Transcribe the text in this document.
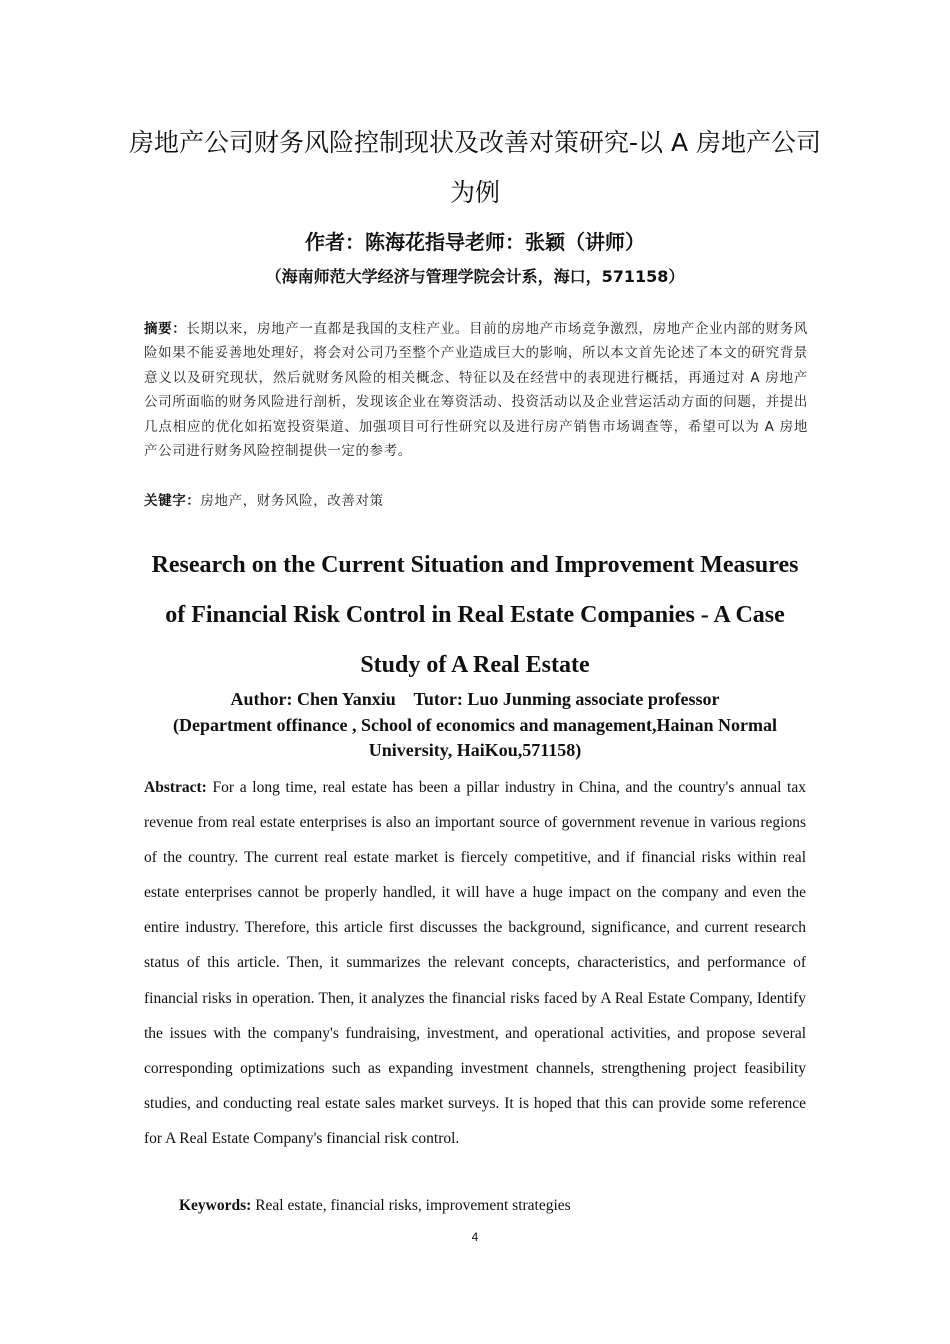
房地产公司财务风险控制现状及改善对策研究-以 A 房地产公司为例

作者：陈海花指导老师：张颖（讲师）

（海南师范大学经济与管理学院会计系，海口，571158）

摘要：长期以来，房地产一直都是我国的支柱产业。目前的房地产市场竞争激烈，房地产企业内部的财务风险如果不能妥善地处理好，将会对公司乃至整个产业造成巨大的影响，所以本文首先论述了本文的研究背景意义以及研究现状，然后就财务风险的相关概念、特征以及在经营中的表现进行概括，再通过对 A 房地产公司所面临的财务风险进行剖析，发现该企业在筹资活动、投资活动以及企业营运活动方面的问题，并提出几点相应的优化如拓宽投资渠道、加强项目可行性研究以及进行房产销售市场调查等，希望可以为 A 房地产公司进行财务风险控制提供一定的参考。

关键字：房地产，财务风险，改善对策

Research on the Current Situation and Improvement Measures of Financial Risk Control in Real Estate Companies - A Case Study of A Real Estate

Author: Chen Yanxiu    Tutor: Luo Junming associate professor

(Department offinance , School of economics and management,Hainan Normal University, HaiKou,571158)

Abstract: For a long time, real estate has been a pillar industry in China, and the country's annual tax revenue from real estate enterprises is also an important source of government revenue in various regions of the country. The current real estate market is fiercely competitive, and if financial risks within real estate enterprises cannot be properly handled, it will have a huge impact on the company and even the entire industry. Therefore, this article first discusses the background, significance, and current research status of this article. Then, it summarizes the relevant concepts, characteristics, and performance of financial risks in operation. Then, it analyzes the financial risks faced by A Real Estate Company, Identify the issues with the company's fundraising, investment, and operational activities, and propose several corresponding optimizations such as expanding investment channels, strengthening project feasibility studies, and conducting real estate sales market surveys. It is hoped that this can provide some reference for A Real Estate Company's financial risk control.

Keywords: Real estate, financial risks, improvement strategies

4
